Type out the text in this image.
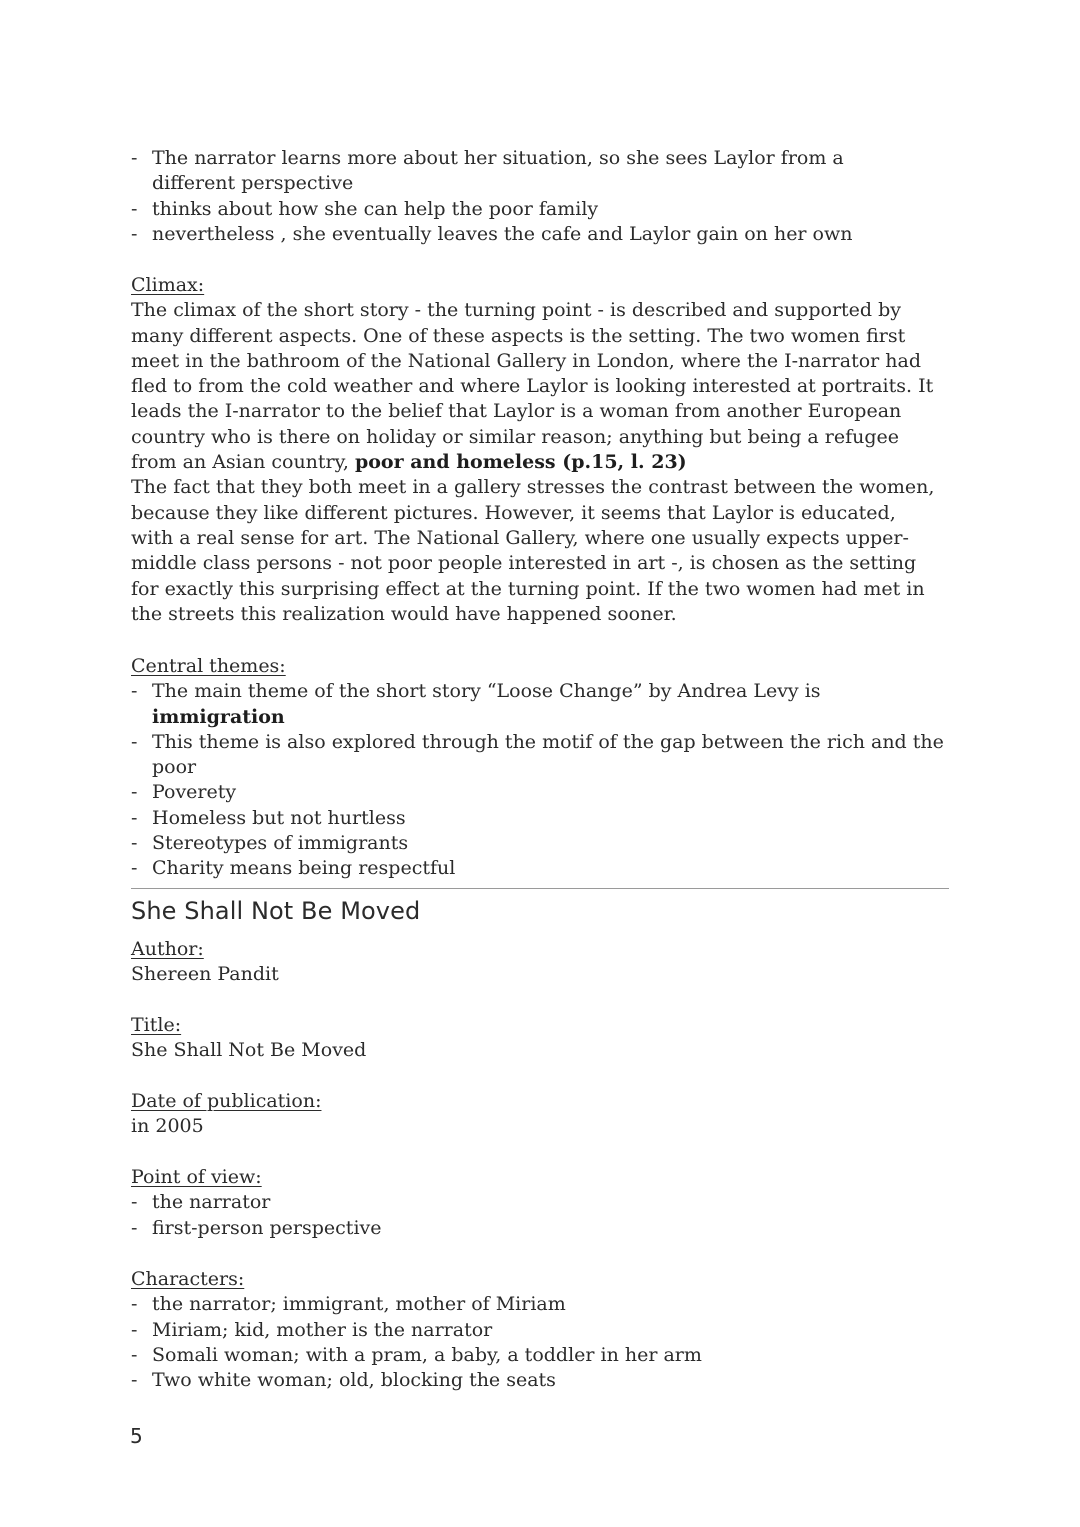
- The narrator learns more about her situation, so she sees Laylor from a different perspective
- thinks about how she can help the poor family
- nevertheless , she eventually leaves the cafe and Laylor gain on her own
Climax:

The climax of the short story - the turning point - is described and supported by many different aspects. One of these aspects is the setting. The two women first meet in the bathroom of the National Gallery in London, where the I-narrator had fled to from the cold weather and where Laylor is looking interested at portraits. It leads the I-narrator to the belief that Laylor is a woman from another European country who is there on holiday or similar reason; anything but being a refugee from an Asian country, poor and homeless (p.15, l. 23)

The fact that they both meet in a gallery stresses the contrast between the women, because they like different pictures. However, it seems that Laylor is educated, with a real sense for art. The National Gallery, where one usually expects upper-middle class persons - not poor people interested in art -, is chosen as the setting for exactly this surprising effect at the turning point. If the two women had met in the streets this realization would have happened sooner.

Central themes:
- The main theme of the short story “Loose Change” by Andrea Levy is immigration
- This theme is also explored through the motif of the gap between the rich and the poor
- Poverety
- Homeless but not hurtless
- Stereotypes of immigrants
- Charity means being respectful
She Shall Not Be Moved
Author:
Shereen Pandit
Title:
She Shall Not Be Moved
Date of publication:
in 2005
Point of view:
- the narrator
- first-person perspective
Characters:
- the narrator; immigrant, mother of Miriam
- Miriam; kid, mother is the narrator
- Somali woman; with a pram, a baby, a toddler in her arm
- Two white woman; old, blocking the seats
5
